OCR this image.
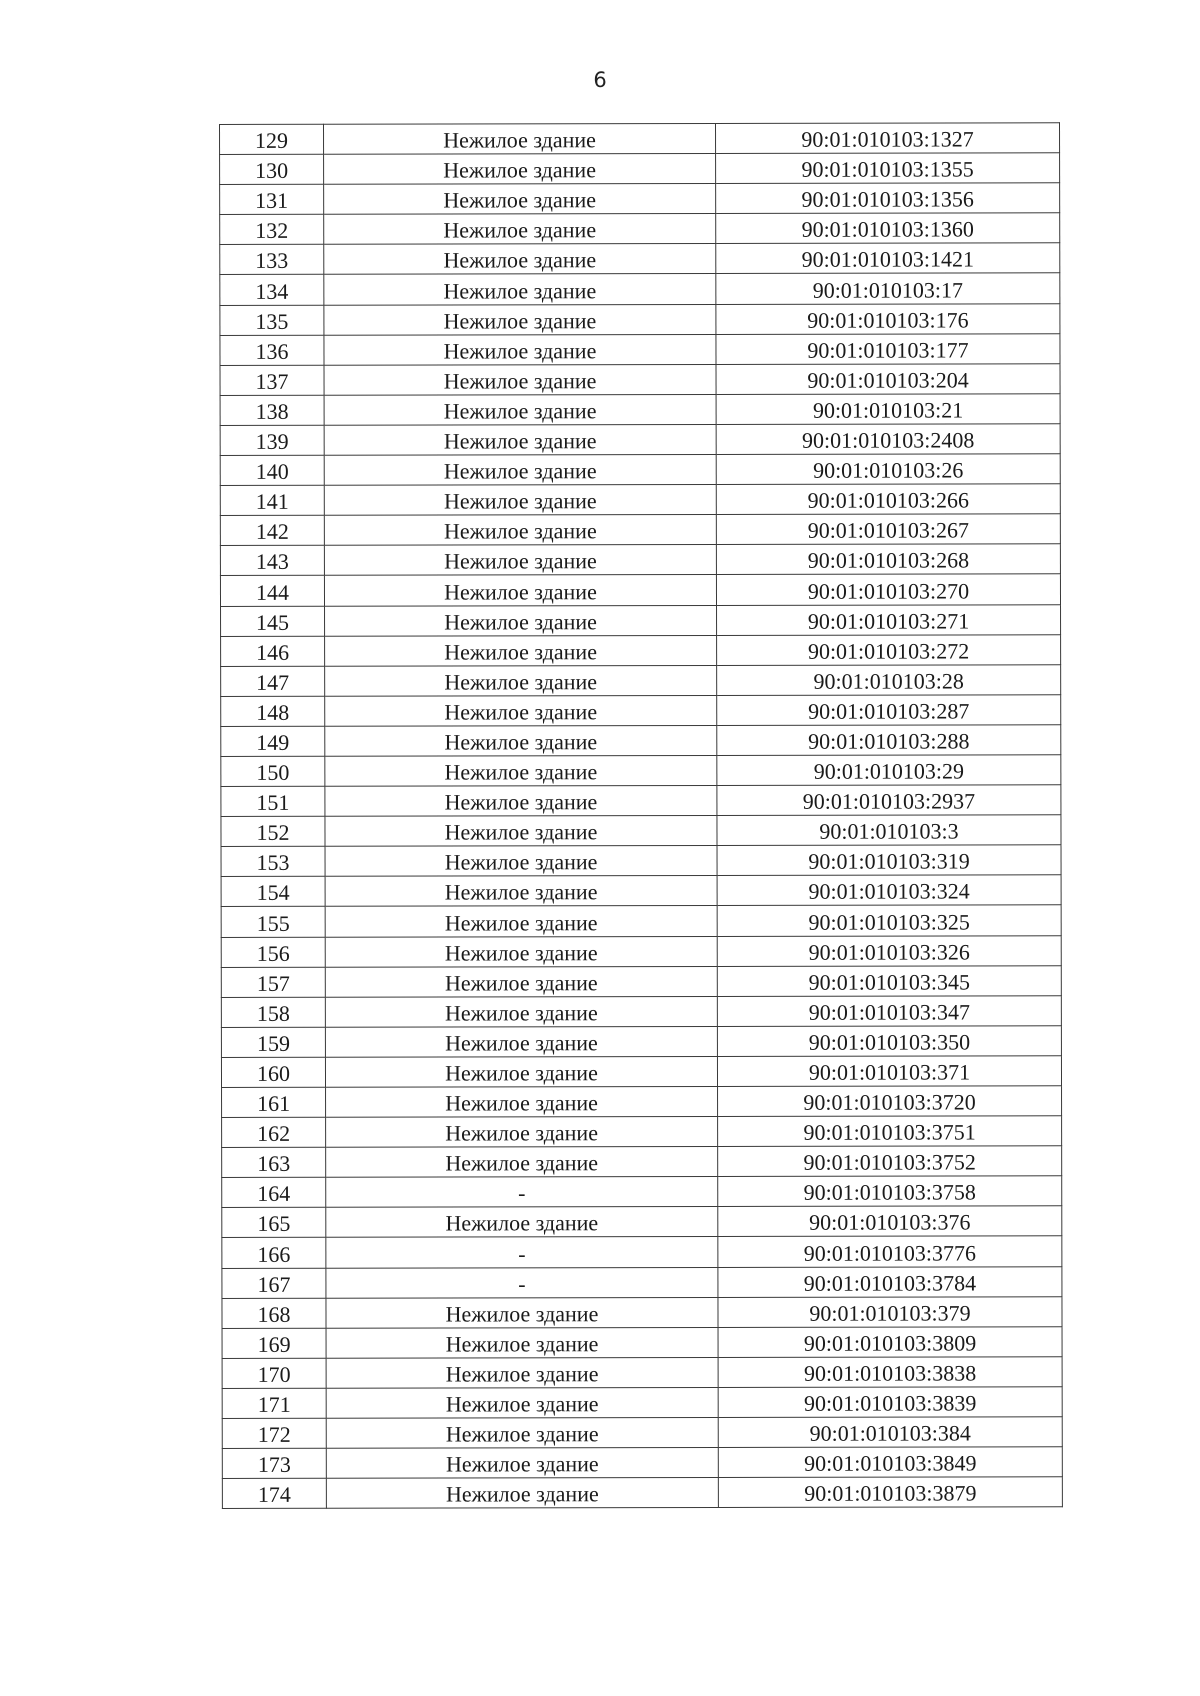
6
129	Нежилое здание	90:01:010103:1327
130	Нежилое здание	90:01:010103:1355
131	Нежилое здание	90:01:010103:1356
132	Нежилое здание	90:01:010103:1360
133	Нежилое здание	90:01:010103:1421
134	Нежилое здание	90:01:010103:17
135	Нежилое здание	90:01:010103:176
136	Нежилое здание	90:01:010103:177
137	Нежилое здание	90:01:010103:204
138	Нежилое здание	90:01:010103:21
139	Нежилое здание	90:01:010103:2408
140	Нежилое здание	90:01:010103:26
141	Нежилое здание	90:01:010103:266
142	Нежилое здание	90:01:010103:267
143	Нежилое здание	90:01:010103:268
144	Нежилое здание	90:01:010103:270
145	Нежилое здание	90:01:010103:271
146	Нежилое здание	90:01:010103:272
147	Нежилое здание	90:01:010103:28
148	Нежилое здание	90:01:010103:287
149	Нежилое здание	90:01:010103:288
150	Нежилое здание	90:01:010103:29
151	Нежилое здание	90:01:010103:2937
152	Нежилое здание	90:01:010103:3
153	Нежилое здание	90:01:010103:319
154	Нежилое здание	90:01:010103:324
155	Нежилое здание	90:01:010103:325
156	Нежилое здание	90:01:010103:326
157	Нежилое здание	90:01:010103:345
158	Нежилое здание	90:01:010103:347
159	Нежилое здание	90:01:010103:350
160	Нежилое здание	90:01:010103:371
161	Нежилое здание	90:01:010103:3720
162	Нежилое здание	90:01:010103:3751
163	Нежилое здание	90:01:010103:3752
164	-	90:01:010103:3758
165	Нежилое здание	90:01:010103:376
166	-	90:01:010103:3776
167	-	90:01:010103:3784
168	Нежилое здание	90:01:010103:379
169	Нежилое здание	90:01:010103:3809
170	Нежилое здание	90:01:010103:3838
171	Нежилое здание	90:01:010103:3839
172	Нежилое здание	90:01:010103:384
173	Нежилое здание	90:01:010103:3849
174	Нежилое здание	90:01:010103:3879
